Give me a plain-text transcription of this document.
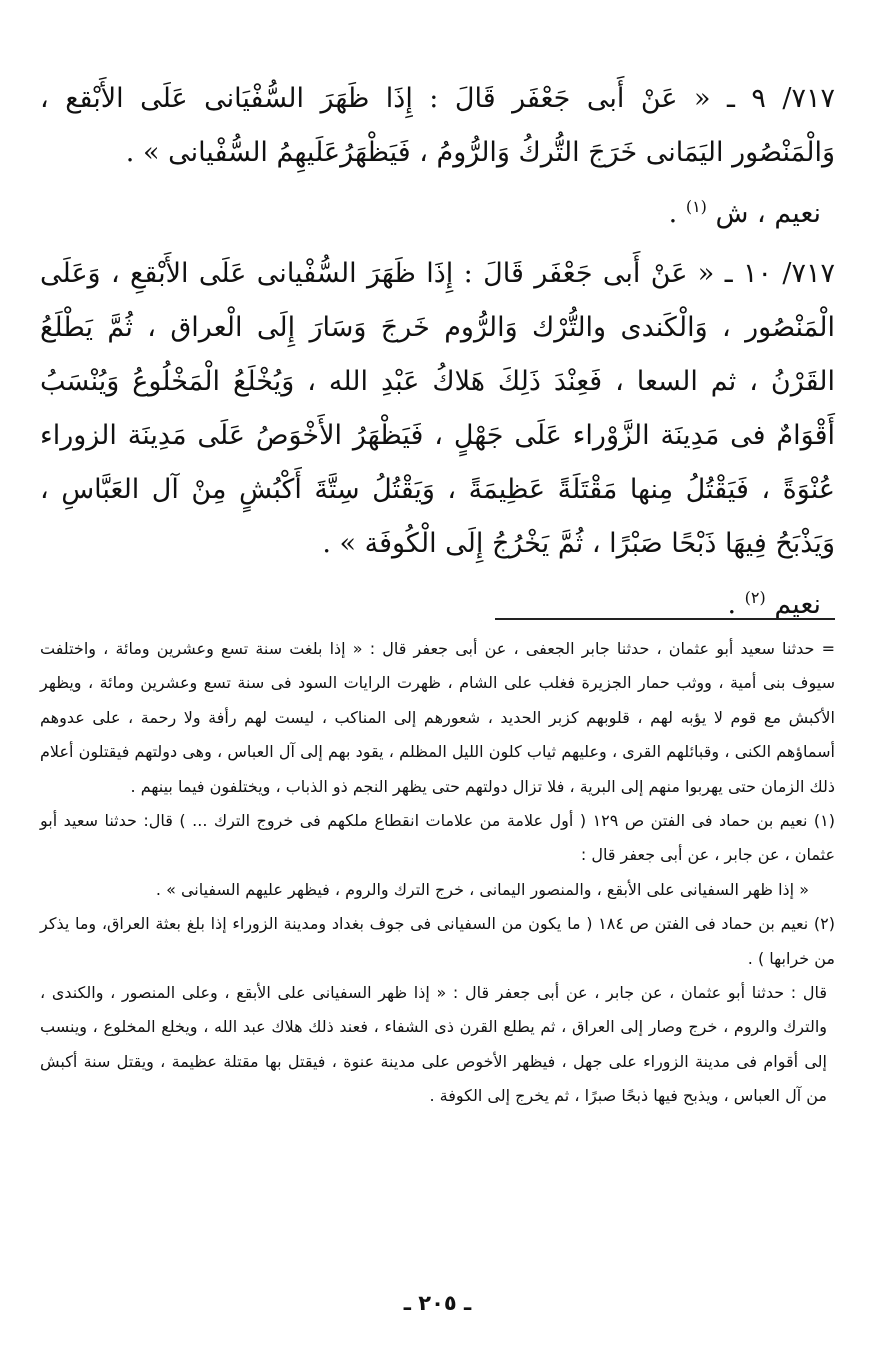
٧١٧/ ٩ ـ « عَنْ أَبى جَعْفَر قَالَ : إِذَا ظَهَرَ السُّفْيَانى عَلَى الأَبْقع ، وَالْمَنْصُور اليَمَانى خَرَجَ التُّركُ وَالرُّومُ ، فَيَظْهَرُعَلَيهِمُ السُّفْيانى » .

نعيم ، ش $^{(١)}$ .

٧١٧/ ١٠ ـ « عَنْ أَبى جَعْفَر قَالَ : إِذَا ظَهَرَ السُّفْيانى عَلَى الأَبْقعِ ، وَعَلَى الْمَنْصُور ، وَالْكَندى والتُّرْك وَالرُّوم خَرجَ وَسَارَ إِلَى الْعراق ، ثُمَّ يَطْلَعُ القَرْنُ ، ثم السعا ، فَعِنْدَ ذَلِكَ هَلاكُ عَبْدِ الله ، وَيُخْلَعُ الْمَخْلُوعُ وَيُنْسَبُ أَقْوَامٌ فى مَدِينَة الزَّوْراء عَلَى جَهْلٍ ، فَيَظْهَرُ الأَخْوَصُ عَلَى مَدِينَة الزوراء عُنْوَةً ، فَيَقْتُلُ مِنها مَقْتَلَةً عَظِيمَةً ، وَيَقْتُلُ سِتَّةَ أَكْبُشٍ مِنْ آل العَبَّاسِ ، وَيَذْبَحُ فِيهَا ذَبْحًا صَبْرًا ، ثُمَّ يَخْرُجُ إِلَى الْكُوفَة » .

نعيم $^{(٢)}$ .

= حدثنا سعيد أبو عثمان ، حدثنا جابر الجعفى ، عن أبى جعفر قال : « إذا بلغت سنة تسع وعشرين ومائة ، واختلفت سيوف بنى أمية ، ووثب حمار الجزيرة فغلب على الشام ، ظهرت الرايات السود فى سنة تسع وعشرين ومائة ، ويظهر الأكبش مع قوم لا يؤبه لهم ، قلوبهم كزبر الحديد ، شعورهم إلى المناكب ، ليست لهم رأفة ولا رحمة ، على عدوهم أسماؤهم الكنى ، وقبائلهم القرى ، وعليهم ثياب كلون الليل المظلم ، يقود بهم إلى آل العباس ، وهى دولتهم فيقتلون أعلام ذلك الزمان حتى يهربوا منهم إلى البرية ، فلا تزال دولتهم حتى يظهر النجم ذو الذباب ، ويختلفون فيما بينهم .

(١) نعيم بن حماد فى الفتن ص ١٢٩ ( أول علامة من علامات انقطاع ملكهم فى خروج الترك ... ) قال: حدثنا سعيد أبو عثمان ، عن جابر ، عن أبى جعفر قال :

« إذا ظهر السفيانى على الأبقع ، والمنصور اليمانى ، خرج الترك والروم ، فيظهر عليهم السفيانى » .

(٢) نعيم بن حماد فى الفتن ص ١٨٤ ( ما يكون من السفيانى فى جوف بغداد ومدينة الزوراء إذا بلغ بعثة العراق، وما يذكر من خرابها ) .

قال : حدثنا أبو عثمان ، عن جابر ، عن أبى جعفر قال : « إذا ظهر السفيانى على الأبقع ، وعلى المنصور ، والكندى ، والترك والروم ، خرج وصار إلى العراق ، ثم يطلع القرن ذى الشفاء ، فعند ذلك هلاك عبد الله ، ويخلع المخلوع ، وينسب إلى أقوام فى مدينة الزوراء على جهل ، فيظهر الأخوص على مدينة عنوة ، فيقتل بها مقتلة عظيمة ، ويقتل سنة أكبش من آل العباس ، ويذبح فيها ذبحًا صبرًا ، ثم يخرج إلى الكوفة .

ـ ٢٠٥ ـ
